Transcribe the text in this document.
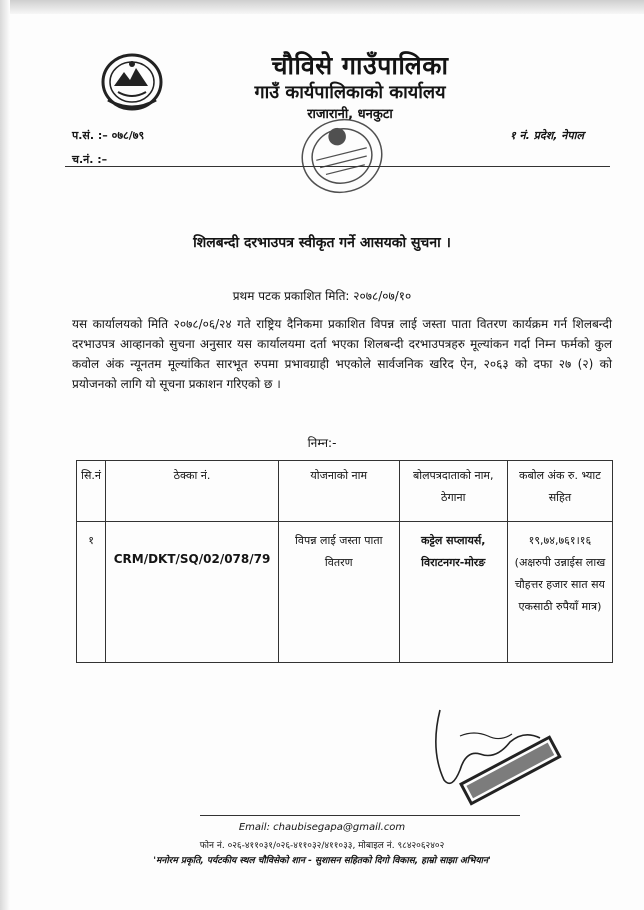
चौविसे गाउँपालिका
गाउँ कार्यपालिकाको कार्यालय
राजारानी, धनकुटा
प.सं. :– ०७८/७९
च.नं. :–
१ नं. प्रदेश, नेपाल
शिलबन्दी दरभाउपत्र स्वीकृत गर्ने आसयको सुचना ।
प्रथम पटक प्रकाशित मिति: २०७८/०७/१०
यस कार्यालयको मिति २०७८/०६/२४ गते राष्ट्रिय दैनिकमा प्रकाशित विपन्न लाई जस्ता पाता वितरण कार्यक्रम गर्न शिलबन्दी दरभाउपत्र आव्हानको सुचना अनुसार यस कार्यालयमा दर्ता भएका शिलबन्दी दरभाउपत्रहरु मूल्यांकन गर्दा निम्न फर्मको कुल कवोल अंक न्यूनतम मूल्यांकित सारभूत रुपमा प्रभावग्राही भएकोले सार्वजनिक खरिद ऐन, २०६३ को दफा २७ (२) को प्रयोजनको लागि यो सूचना प्रकाशन गरिएको छ ।
निम्न:-
सि.नं	ठेक्का नं.	योजनाको नाम	बोलपत्रदाताको नाम, ठेगाना	कबोल अंक रु. भ्याट सहित
१	CRM/DKT/SQ/02/078/79	विपन्न लाई जस्ता पाता वितरण	कट्टेल सप्लायर्स, विराटनगर-मोरङ	१९,७४,७६१।१६ (अक्षरुपी उन्नाईस लाख चौहत्तर हजार सात सय एकसाठी रुपैयाँ मात्र)
Email: chaubisegapa@gmail.com
फोन नं. ०२६-४११०३१/०२६-४११०३२/४११०३३, मोबाइल नं. ९८४२०६२४०२
'मनोरम प्रकृति, पर्यटकीय स्थल चौविसेको शान - सुशासन सहितको दिगो विकास, हाम्रो साझा अभियान'
